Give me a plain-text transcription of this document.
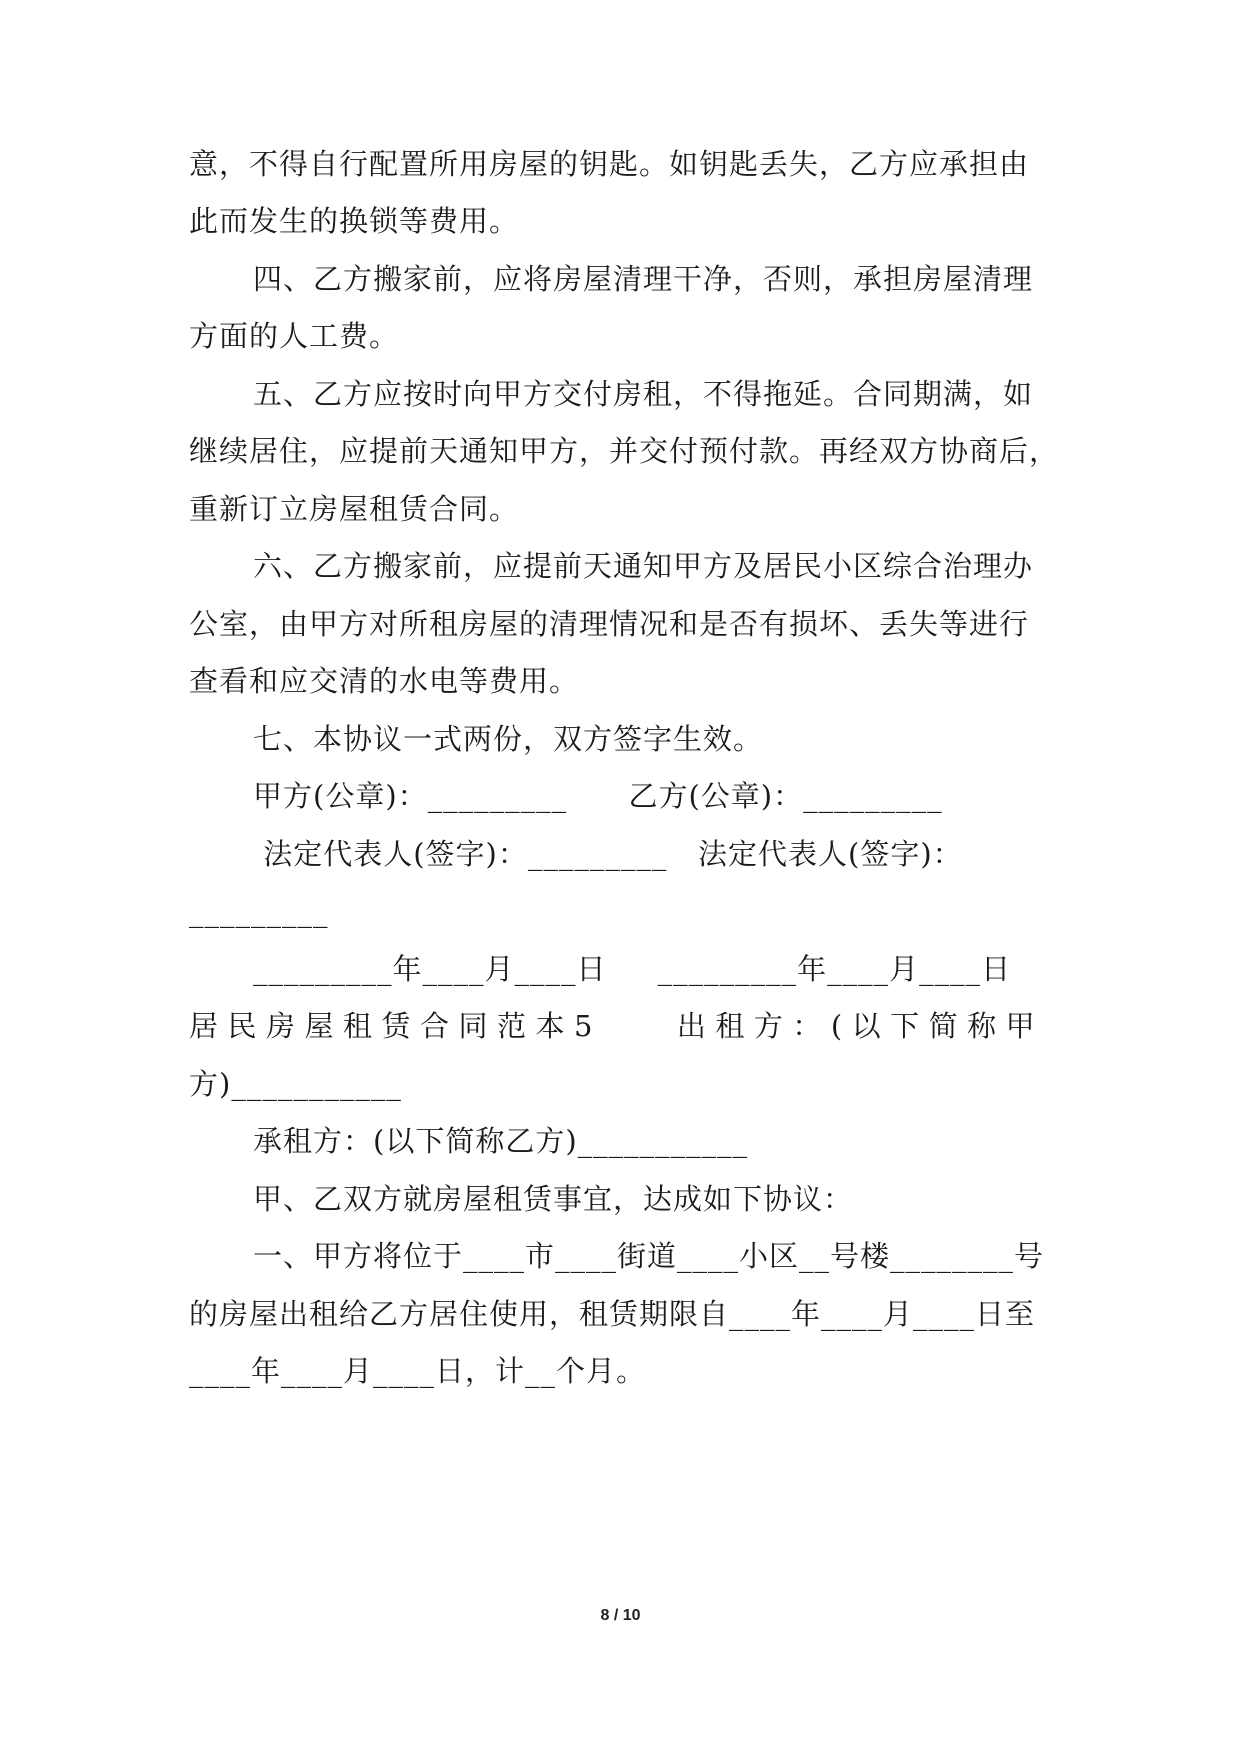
意，不得自行配置所用房屋的钥匙。如钥匙丢失，乙方应承担由
此而发生的换锁等费用。
四、乙方搬家前，应将房屋清理干净，否则，承担房屋清理
方面的人工费。
五、乙方应按时向甲方交付房租，不得拖延。合同期满，如
继续居住，应提前天通知甲方，并交付预付款。再经双方协商后，
重新订立房屋租赁合同。
六、乙方搬家前，应提前天通知甲方及居民小区综合治理办
公室，由甲方对所租房屋的清理情况和是否有损坏、丢失等进行
查看和应交清的水电等费用。
七、本协议一式两份，双方签字生效。
甲方(公章)：_________      乙方(公章)：_________
法定代表人(签字)：_________   法定代表人(签字)：
_________
_________年____月____日     _________年____月____日
居民房屋租赁合同范本5    出租方：(以下简称甲
方)___________
承租方：(以下简称乙方)___________
甲、乙双方就房屋租赁事宜，达成如下协议：
一、甲方将位于____市____街道____小区__号楼________号
的房屋出租给乙方居住使用，租赁期限自____年____月____日至
____年____月____日，计__个月。
8 / 10
